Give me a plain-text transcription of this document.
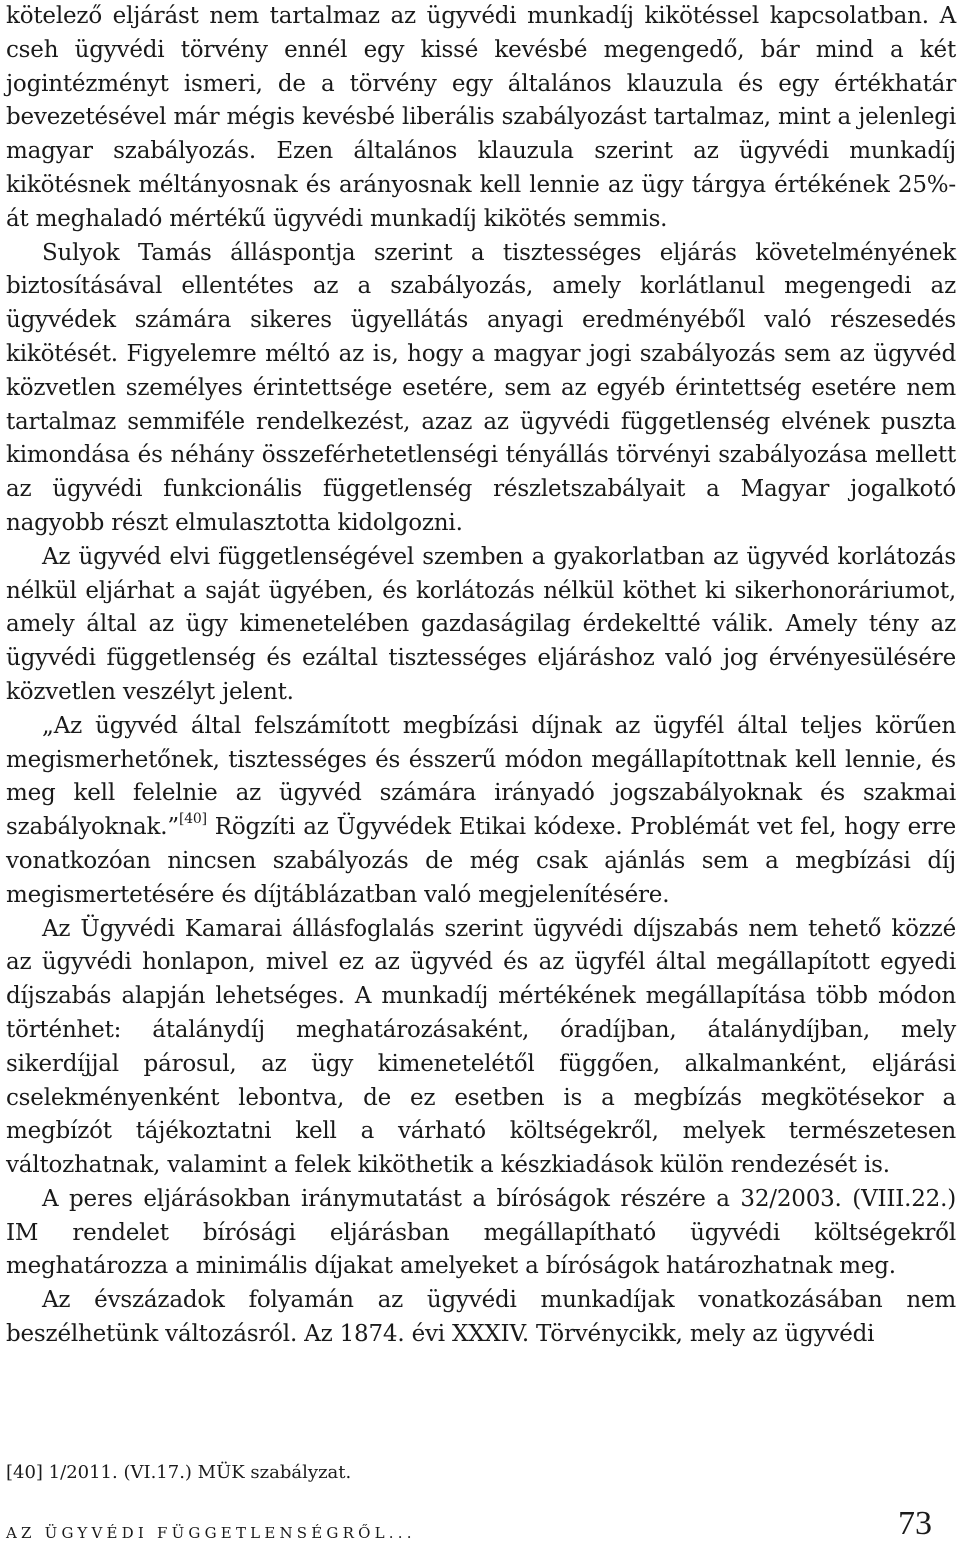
kötelező eljárást nem tartalmaz az ügyvédi munkadíj kikötéssel kapcsolatban. A cseh ügyvédi törvény ennél egy kissé kevésbé megengedő, bár mind a két jogintézményt ismeri, de a törvény egy általános klauzula és egy értékhatár bevezetésével már mégis kevésbé liberális szabályozást tartalmaz, mint a jelenlegi magyar szabályozás. Ezen általános klauzula szerint az ügyvédi munkadíj kikötésnek méltányosnak és arányosnak kell lennie az ügy tárgya értékének 25%-át meghaladó mértékű ügyvédi munkadíj kikötés semmis.

Sulyok Tamás álláspontja szerint a tisztességes eljárás követelményének biztosításával ellentétes az a szabályozás, amely korlátlanul megengedi az ügyvédek számára sikeres ügyellátás anyagi eredményéből való részesedés kikötését. Figyelemre méltó az is, hogy a magyar jogi szabályozás sem az ügyvéd közvetlen személyes érintettsége esetére, sem az egyéb érintettség esetére nem tartalmaz semmiféle rendelkezést, azaz az ügyvédi függetlenség elvének puszta kimondása és néhány összeférhetetlenségi tényállás törvényi szabályozása mellett az ügyvédi funkcionális függetlenség részletszabályait a Magyar jogalkotó nagyobb részt elmulasztotta kidolgozni.

Az ügyvéd elvi függetlenségével szemben a gyakorlatban az ügyvéd korlátozás nélkül eljárhat a saját ügyében, és korlátozás nélkül köthet ki sikerhonoráriumot, amely által az ügy kimenetelében gazdaságilag érdekeltté válik. Amely tény az ügyvédi függetlenség és ezáltal tisztességes eljáráshoz való jog érvényesülésére közvetlen veszélyt jelent.

„Az ügyvéd által felszámított megbízási díjnak az ügyfél által teljes körűen megismerhetőnek, tisztességes és ésszerű módon megállapítottnak kell lennie, és meg kell felelnie az ügyvéd számára irányadó jogszabályoknak és szakmai szabályoknak.”[40] Rögzíti az Ügyvédek Etikai kódexe. Problémát vet fel, hogy erre vonatkozóan nincsen szabályozás de még csak ajánlás sem a megbízási díj megismertetésére és díjtáblázatban való megjelenítésére.

Az Ügyvédi Kamarai állásfoglalás szerint ügyvédi díjszabás nem tehető közzé az ügyvédi honlapon, mivel ez az ügyvéd és az ügyfél által megállapított egyedi díjszabás alapján lehetséges. A munkadíj mértékének megállapítása több módon történhet: átalánydíj meghatározásaként, óradíjban, átalánydíjban, mely sikerdíjjal párosul, az ügy kimenetelétől függően, alkalmanként, eljárási cselekményenként lebontva, de ez esetben is a megbízás megkötésekor a megbízót tájékoztatni kell a várható költségekről, melyek természetesen változhatnak, valamint a felek kiköthetik a készkiadások külön rendezését is.

A peres eljárásokban iránymutatást a bíróságok részére a 32/2003. (VIII.22.) IM rendelet bírósági eljárásban megállapítható ügyvédi költségekről meghatározza a minimális díjakat amelyeket a bíróságok határozhatnak meg.

Az évszázadok folyamán az ügyvédi munkadíjak vonatkozásában nem beszélhetünk változásról. Az 1874. évi XXXIV. Törvénycikk, mely az ügyvédi

[40] 1/2011. (VI.17.) MÜK szabályzat.
AZ ÜGYVÉDI FÜGGETLENSÉGRŐL...	73
